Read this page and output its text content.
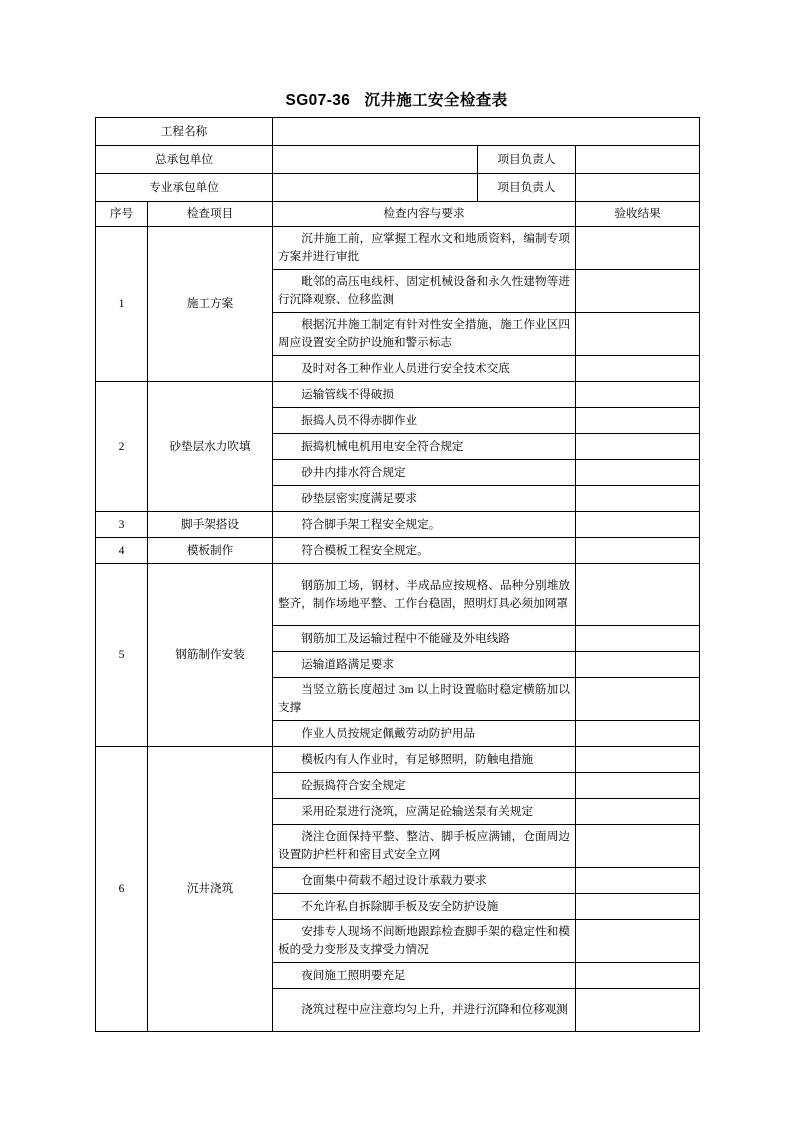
SG07-36   沉井施工安全检查表
工程名称				
总承包单位			项目负责人	
专业承包单位			项目负责人	
序号	检查项目	检查内容与要求		验收结果
1	施工方案	沉井施工前，应掌握工程水文和地质资料，编制专项方案并进行审批		
		毗邻的高压电线杆、固定机械设备和永久性建物等进行沉降观察、位移监测		
		根据沉井施工制定有针对性安全措施，施工作业区四周应设置安全防护设施和警示标志		
		及时对各工种作业人员进行安全技术交底		
2	砂垫层水力吹填	运输管线不得破损		
		振捣人员不得赤脚作业		
		振捣机械电机用电安全符合规定		
		砂井内排水符合规定		
		砂垫层密实度满足要求		
3	脚手架搭设	符合脚手架工程安全规定。		
4	模板制作	符合模板工程安全规定。		
5	钢筋制作安装	钢筋加工场，钢材、半成品应按规格、品种分别堆放整齐，制作场地平整、工作台稳固，照明灯具必须加网罩		
		钢筋加工及运输过程中不能碰及外电线路		
		运输道路满足要求		
		当竖立筋长度超过 3m 以上时设置临时稳定横筋加以支撑		
		作业人员按规定佩戴劳动防护用品		
6	沉井浇筑	模板内有人作业时，有足够照明，防触电措施		
		砼振捣符合安全规定		
		采用砼泵进行浇筑，应满足砼输送泵有关规定		
		浇注仓面保持平整、整洁、脚手板应满铺，仓面周边设置防护栏杆和密目式安全立网		
		仓面集中荷载不超过设计承载力要求		
		不允许私自拆除脚手板及安全防护设施		
		安排专人现场不间断地跟踪检查脚手架的稳定性和模板的受力变形及支撑受力情况		
		夜间施工照明要充足		
		浇筑过程中应注意均匀上升，并进行沉降和位移观测		
